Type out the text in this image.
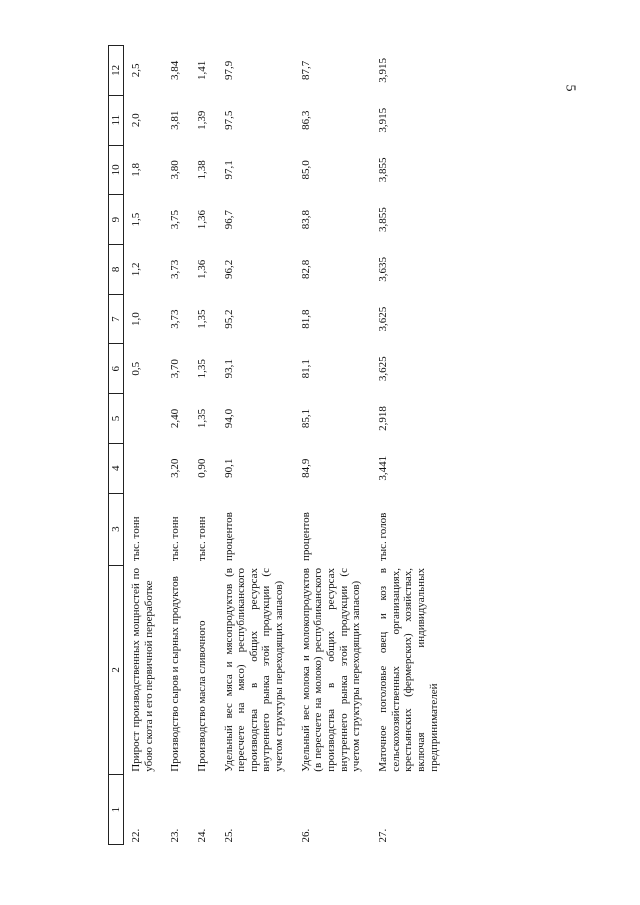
5
1	2	3	4	5	6	7	8	9	10	11	12
22.	Прирост производственных мощностей по убою скота и его первичной переработке	тыс. тонн			0,5	1,0	1,2	1,5	1,8	2,0	2,5
23.	Производство сыров и сырных продуктов	тыс. тонн	3,20	2,40	3,70	3,73	3,73	3,75	3,80	3,81	3,84
24.	Производство масла сливочного	тыс. тонн	0,90	1,35	1,35	1,35	1,36	1,36	1,38	1,39	1,41
25.	Удельный вес мяса и мясопродуктов (в пересчете на мясо) республиканского производства в общих ресурсах внутреннего рынка этой продукции (с учетом структуры переходящих запасов)	процентов	90,1	94,0	93,1	95,2	96,2	96,7	97,1	97,5	97,9
26.	Удельный вес молока и молокопродуктов (в пересчете на молоко) республиканского производства в общих ресурсах внутреннего рынка этой продукции (с учетом структуры переходящих запасов)	процентов	84,9	85,1	81,1	81,8	82,8	83,8	85,0	86,3	87,7
27.	Маточное поголовье овец и коз в сельскохозяйственных организациях, крестьянских (фермерских) хозяйствах, включая индивидуальных предпринимателей	тыс. голов	3,441	2,918	3,625	3,625	3,635	3,855	3,855	3,915	3,915
